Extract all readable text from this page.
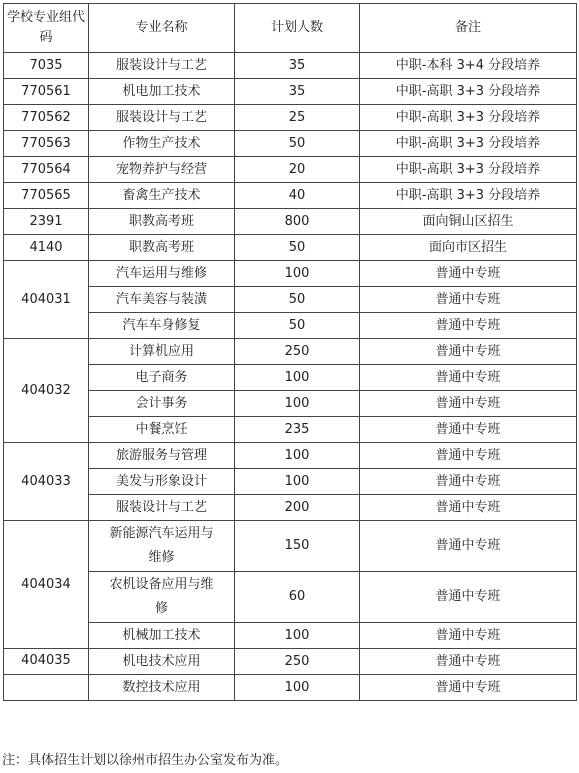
学校专业组代码	专业名称	计划人数	备注
7035	服装设计与工艺	35	中职-本科 3+4 分段培养
770561	机电加工技术	35	中职-高职 3+3 分段培养
770562	服装设计与工艺	25	中职-高职 3+3 分段培养
770563	作物生产技术	50	中职-高职 3+3 分段培养
770564	宠物养护与经营	20	中职-高职 3+3 分段培养
770565	畜禽生产技术	40	中职-高职 3+3 分段培养
2391	职教高考班	800	面向铜山区招生
4140	职教高考班	50	面向市区招生
404031	汽车运用与维修	100	普通中专班
	汽车美容与装潢	50	普通中专班
	汽车车身修复	50	普通中专班
404032	计算机应用	250	普通中专班
	电子商务	100	普通中专班
	会计事务	100	普通中专班
	中餐烹饪	235	普通中专班
404033	旅游服务与管理	100	普通中专班
	美发与形象设计	100	普通中专班
	服装设计与工艺	200	普通中专班
404034	新能源汽车运用与维修	150	普通中专班
	农机设备应用与维修	60	普通中专班
	机械加工技术	100	普通中专班
404035	机电技术应用	250	普通中专班
	数控技术应用	100	普通中专班
注：具体招生计划以徐州市招生办公室发布为准。
